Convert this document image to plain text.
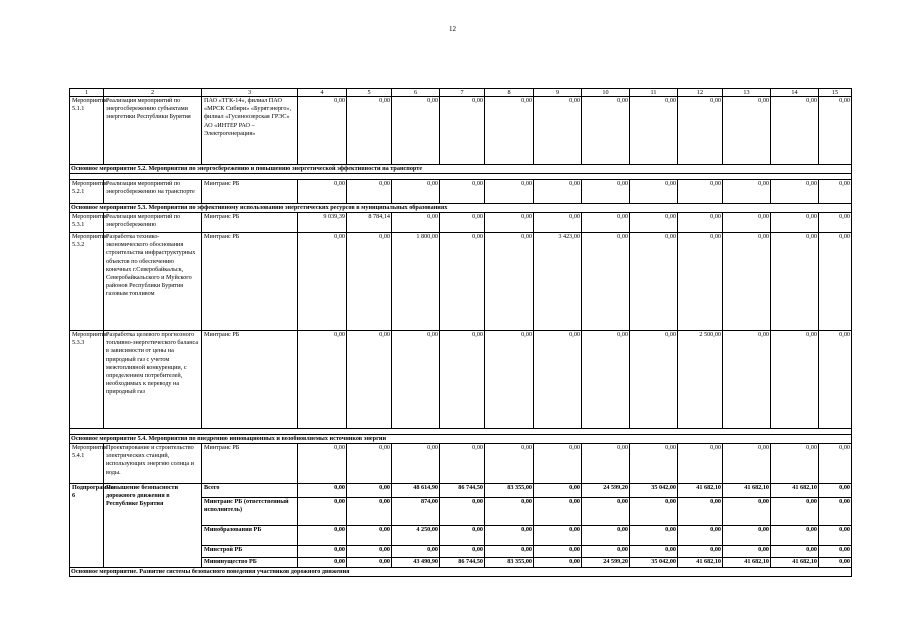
12
1	2	3	4	5	6	7	8	9	10	11	12	13	14	15
Мероприятие 5.1.1	Реализация мероприятий по энергосбережению субъектами энергетики Республики Бурятия	ПАО «ТГК-14», филиал ПАО «МРСК Сибири» «Бурятэнерго», филиал «Гусиноозерская ГРЭС» АО «ИНТЕР РАО – Электрогенерация»	0,00	0,00	0,00	0,00	0,00	0,00	0,00	0,00	0,00	0,00	0,00	0,00
Основное мероприятие 5.2. Мероприятия по энергосбережению и повышению энергетической эффективности на транспорте														

Мероприятие 5.2.1	Реализация мероприятий по энергосбережению на транспорте	Минтранс РБ	0,00	0,00	0,00	0,00	0,00	0,00	0,00	0,00	0,00	0,00	0,00	0,00
Основное мероприятие 5.3. Мероприятия по эффективному использованию энергетических ресурсов в муниципальных образованиях														
Мероприятие 5.3.1	Реализация мероприятий по энергосбережению	Минтранс РБ	9 039,39	8 784,14	0,00	0,00	0,00	0,00	0,00	0,00	0,00	0,00	0,00	0,00
Мероприятие 5.3.2	Разработка технико-экономического обоснования строительства инфраструктурных объектов по обеспечению конечных г.Северобайкальск, Северобайкальского и Муйского районов Республики Бурятия газовым топливом	Минтранс РБ	0,00	0,00	1 800,00	0,00	0,00	3 423,00	0,00	0,00	0,00	0,00	0,00	0,00
Мероприятие 5.3.3	Разработка целевого прогнозного топливно-энергетического баланса в зависимости от цены на природный газ с учетом межтопливной конкуренции, с определением потребителей, необходимых к переводу на природный газ	Минтранс РБ	0,00	0,00	0,00	0,00	0,00	0,00	0,00	0,00	2 500,00	0,00	0,00	0,00

Основное мероприятие 5.4. Мероприятия по внедрению инновационных и возобновляемых источников энергии														
Мероприятие 5.4.1	Проектирование и строительство электрических станций, использующих энергию солнца и воды.	Минтранс РБ	0,00	0,00	0,00	0,00	0,00	0,00	0,00	0,00	0,00	0,00	0,00	0,00
Подпрограмма 6	Повышение безопасности дорожного движения в Республике Бурятия	Всего	0,00	0,00	48 614,90	86 744,50	83 355,00	0,00	24 599,20	35 042,00	41 682,10	41 682,10	41 682,10	0,00
		Минтранс РБ (ответственный исполнитель)	0,00	0,00	874,00	0,00	0,00	0,00	0,00	0,00	0,00	0,00	0,00	0,00
		Минобразования РБ	0,00	0,00	4 250,00	0,00	0,00	0,00	0,00	0,00	0,00	0,00	0,00	0,00
		Минстрой РБ	0,00	0,00	0,00	0,00	0,00	0,00	0,00	0,00	0,00	0,00	0,00	0,00
		Мининущество РБ	0,00	0,00	43 490,90	86 744,50	83 355,00	0,00	24 599,20	35 042,00	41 682,10	41 682,10	41 682,10	0,00
Основное мероприятие. Развитие системы безопасного поведения участников дорожного движения														
